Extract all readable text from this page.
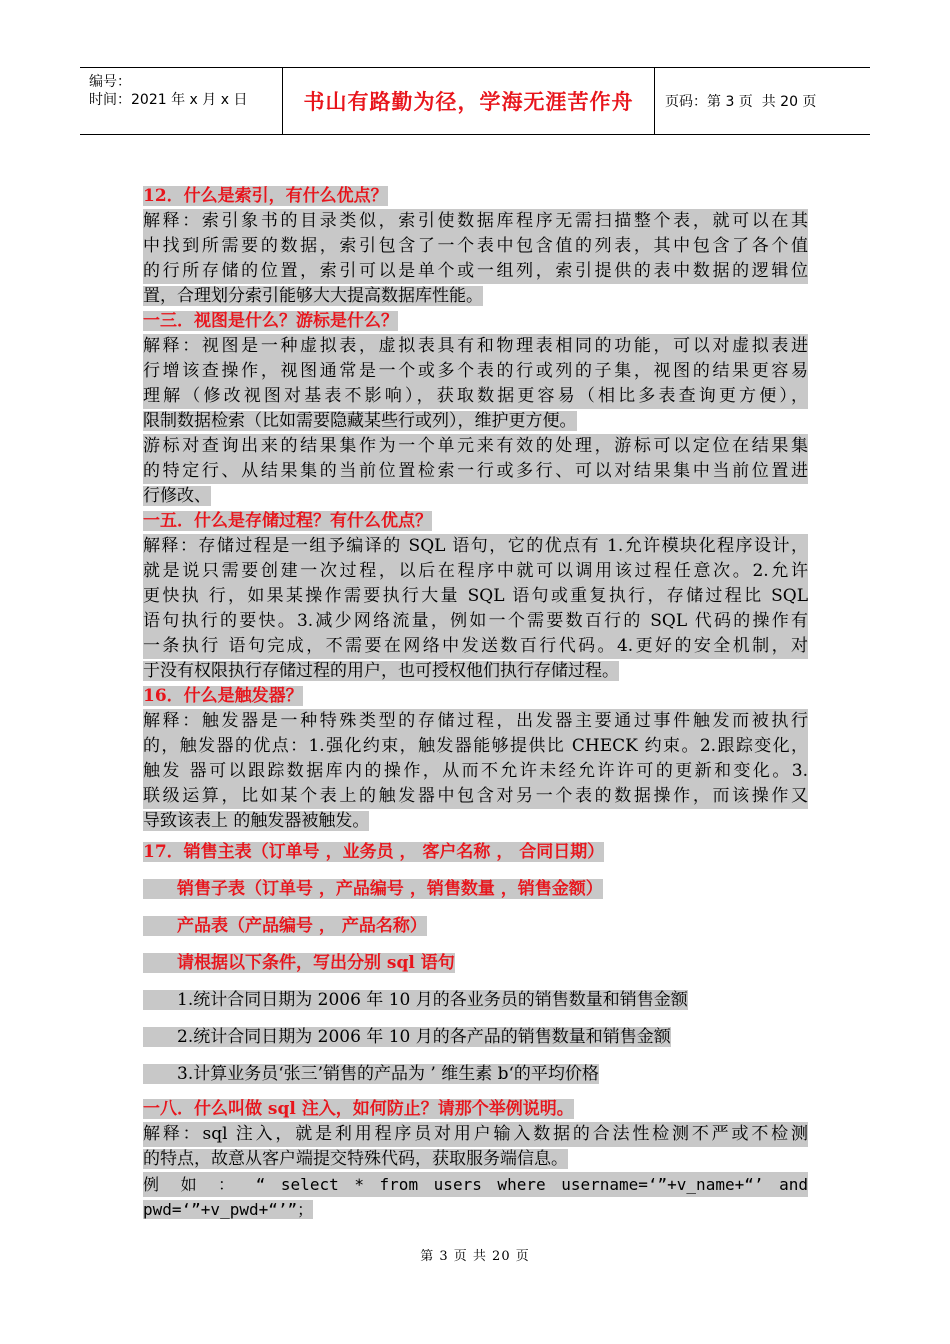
编号：
时间：2021 年 x 月 x 日	书山有路勤为径，学海无涯苦作舟	页码：第 3 页  共 20 页
12．什么是索引，有什么优点？
解释：索引象书的目录类似，索引使数据库程序无需扫描整个表，就可以在其
中找到所需要的数据，索引包含了一个表中包含值的列表，其中包含了各个值
的行所存储的位置，索引可以是单个或一组列，索引提供的表中数据的逻辑位
置，合理划分索引能够大大提高数据库性能。
一三．视图是什么？游标是什么？
解释：视图是一种虚拟表，虚拟表具有和物理表相同的功能，可以对虚拟表进
行增该查操作，视图通常是一个或多个表的行或列的子集，视图的结果更容易
理解（修改视图对基表不影响），获取数据更容易（相比多表查询更方便），
限制数据检索（比如需要隐藏某些行或列），维护更方便。
游标对查询出来的结果集作为一个单元来有效的处理，游标可以定位在结果集
的特定行、从结果集的当前位置检索一行或多行、可以对结果集中当前位置进
行修改、
一五．什么是存储过程？有什么优点？
解释：存储过程是一组予编译的 SQL 语句，它的优点有 1.允许模块化程序设计，
就是说只需要创建一次过程，以后在程序中就可以调用该过程任意次。2.允许
更快执 行，如果某操作需要执行大量 SQL 语句或重复执行，存储过程比 SQL
语句执行的要快。3.减少网络流量，例如一个需要数百行的 SQL 代码的操作有
一条执行 语句完成，不需要在网络中发送数百行代码。4.更好的安全机制，对
于没有权限执行存储过程的用户，也可授权他们执行存储过程。
16．什么是触发器？
解释：触发器是一种特殊类型的存储过程，出发器主要通过事件触发而被执行
的，触发器的优点：1.强化约束，触发器能够提供比 CHECK 约束。2.跟踪变化，
触发 器可以跟踪数据库内的操作，从而不允许未经允许许可的更新和变化。3.
联级运算，比如某个表上的触发器中包含对另一个表的数据操作，而该操作又
导致该表上 的触发器被触发。
17．销售主表（订单号 ，业务员 ， 客户名称 ， 合同日期）
销售子表（订单号 ，产品编号 ，销售数量 ，销售金额）
产品表（产品编号 ， 产品名称）
请根据以下条件，写出分别 sql 语句
1.统计合同日期为 2006 年 10 月的各业务员的销售数量和销售金额
2.统计合同日期为 2006 年 10 月的各产品的销售数量和销售金额
3.计算业务员‘张三’销售的产品为 ’ 维生素 b‘的平均价格
一八．什么叫做 sql 注入，如何防止？请那个举例说明。
解释：sql 注入，就是利用程序员对用户输入数据的合法性检测不严或不检测
的特点，故意从客户端提交特殊代码，获取服务端信息。
例 如 ： “ select * from users where username=‘”+v_name+“’ and
pwd=‘”+v_pwd+“’”；
第 3 页 共 20 页
